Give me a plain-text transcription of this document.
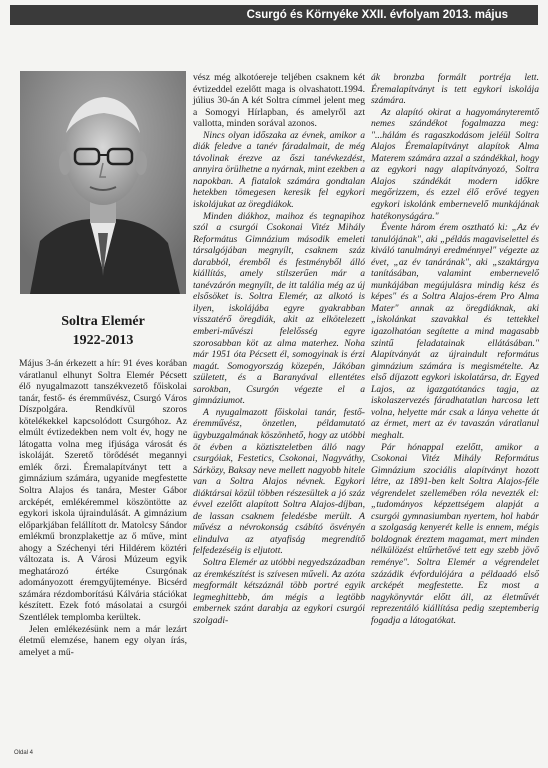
Csurgó és Környéke XXII. évfolyam 2013. május
Soltra Elemér
1922-2013

Május 3-án érkezett a hír: 91 éves korában váratlanul elhunyt Soltra Elemér Pécsett élő nyugalmazott tanszékvezető főiskolai tanár, festő- és éremművész, Csurgó Város Díszpolgára. Rendkívül szoros kötelékekkel kapcsolódott Csurgóhoz. Az elmúlt évtizedekben nem volt év, hogy ne látogatta volna meg ifjúsága városát és iskoláját. Szerető törődését megannyi emlék őrzi. Éremalapítványt tett a gimnázium számára, ugyanide megfestette Soltra Alajos és tanára, Mester Gábor arcképét, emlékéremmel köszöntötte az egykori iskola újraindulását. A gimnázium előparkjában felállított dr. Matolcsy Sándor emlékmű bronzplakettje az ő műve, mint ahogy a Széchenyi téri Hildérem köztéri változata is. A Városi Múzeum egyik meghatározó értéke Csurgónak adományozott éremgyűjteménye. Bicsérd számára rézdomborítású Kálvária stációkat készített. Ezek fotó másolatai a csurgói Szentlélek templomba kerültek.

Jelen emlékezésünk nem a már lezárt életmű elemzése, hanem egy olyan írás, amelyet a mű-

vész még alkotóereje teljében csaknem két évtizeddel ezelőtt maga is olvashatott.1994. július 30-án A két Soltra címmel jelent meg a Somogyi Hírlapban, és amelyről azt vallotta, minden sorával azonos.

Nincs olyan időszaka az évnek, amikor a diák feledve a tanév fáradalmait, de még távolinak érezve az őszi tanévkezdést, annyira örülhetne a nyárnak, mint ezekben a napokban. A fiatalok számára gondtalan hetekben tömegesen keresik fel egykori iskolájukat az öregdiákok.

Minden diákhoz, maihoz és tegnapihoz szól a csurgói Csokonai Vitéz Mihály Református Gimnázium második emeleti társalgójában megnyílt, csaknem száz darabból, éremből és festményből álló kiállítás, amely stílszerűen már a tanévzárón megnyílt, de itt talália még az új elsősöket is. Soltra Elemér, az alkotó is ilyen, iskolájába egyre gyakrabban visszatérő öregdiák, akit az elkötelezett emberi-művészi felelősség egyre szorosabban köt az alma materhez. Noha már 1951 óta Pécsett él, somogyinak is érzi magát. Somogyország közepén, Jákóban született, és a Baranyával ellentétes sarokban, Csurgón végezte el a gimnáziumot.

A nyugalmazott főiskolai tanár, festő-éremművész, önzetlen, példamutató ügybuzgalmának köszönhető, hogy az utóbbi öt évben a köztiszteletben álló nagy csurgóiak, Festetics, Csokonai, Nagyváthy, Sárközy, Baksay neve mellett nagyobb hitele van a Soltra Alajos névnek. Egykori diáktársai közül többen részesültek a jó száz évvel ezelőtt alapított Soltra Alajos-díjban, de lassan csaknem feledésbe merült. A művész a névrokonság csábító ösvényén elindulva az atyafiság megrendítő felfedezéséig is eljutott.

Soltra Elemér az utóbbi negyedszázadban az éremkészítést is szívesen műveli. Az azóta megformált kétszáznál több portré egyik legmeghittebb, ám mégis a legtöbb embernek szánt darabja az egykori csurgói szolgadi-

ák bronzba formált portréja lett. Éremalapítványt is tett egykori iskolája számára.

Az alapító okirat a hagyományteremtő nemes szándékot fogalmazza meg: "...hálám és ragaszkodásom jeléül Soltra Alajos Éremalapítványt alapítok Alma Materem számára azzal a szándékkal, hogy az egykori nagy alapítványozó, Soltra Alajos szándékát modern időkre megőrizzem, és ezzel élő erővé tegyen egykori iskolánk embernevelő munkájának hatékonyságára."

Évente három érem osztható ki: „Az év tanulójának", aki „példás magaviselettel és kiváló tanulmányi eredménnyel" végezte az évet, „az év tanárának", aki „szaktárgya tanításában, valamint embernevelő munkájában megújulásra mindig kész és képes" és a Soltra Alajos-érem Pro Alma Mater" annak az öregdiáknak, aki „iskolánkat szavakkal és tettekkel igazolhatóan segítette a mind magasabb szintű feladatainak ellátásában." Alapítványát az újraindult református gimnázium számára is megismételte. Az első díjazott egykori iskolatársa, dr. Egyed Lajos, az igazgatótanács tagja, az iskolaszervezés fáradhatatlan harcosa lett volna, helyette már csak a lánya vehette át az érmet, mert az év tavaszán váratlanul meghalt.

Pár hónappal ezelőtt, amikor a Csokonai Vitéz Mihály Református Gimnázium szociális alapítványt hozott létre, az 1891-ben kelt Soltra Alajos-féle végrendelet szellemében róla nevezték el: „tudományos képzettségem alapját a csurgói gymnasiumban nyertem, hol habár a szolgaság kenyerét kelle is ennem, mégis boldognak éreztem magamat, mert minden nélkülözést eltűrhetővé tett egy szebb jövő reménye". Soltra Elemér a végrendelet százádik évfordulójára a példaadó első arcképét megfestette. Ez most a nagykönyvtár előtt áll, az életművét reprezentáló kiállítása pedig szeptemberig fogadja a látogatókat.

Oldal 4
